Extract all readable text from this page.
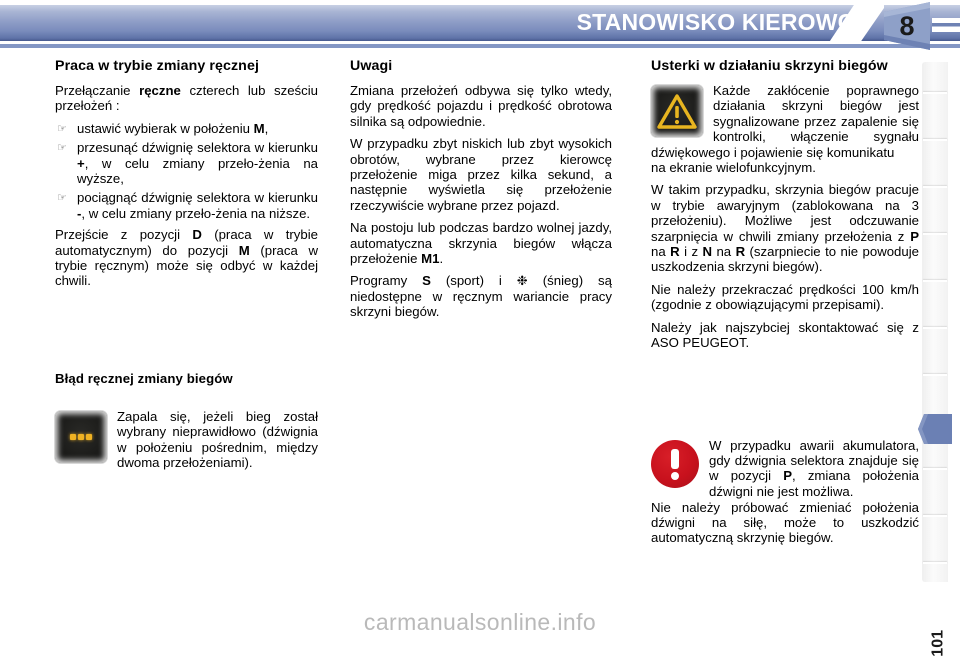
STANOWISKO KIEROWCY	8
Praca w trybie zmiany ręcznej

Przełączanie ręczne czterech lub sześciu przełożeń :

☞ ustawić wybierak w położeniu M,
☞ przesunąć dźwignię selektora w kierunku +, w celu zmiany przeło-żenia na wyższe,
☞ pociągnąć dźwignię selektora w kierunku -, w celu zmiany przeło-żenia na niższe.

Przejście z pozycji D (praca w trybie automatycznym) do pozycji M (praca w trybie ręcznym) może się odbyć w każdej chwili.

Błąd ręcznej zmiany biegów

Zapala się, jeżeli bieg został wybrany nieprawidłowo (dźwignia w położeniu pośrednim, między dwoma przełożeniami).

Uwagi

Zmiana przełożeń odbywa się tylko wtedy, gdy prędkość pojazdu i prędkość obrotowa silnika są odpowiednie.

W przypadku zbyt niskich lub zbyt wysokich obrotów, wybrane przez kierowcę przełożenie miga przez kilka sekund, a następnie wyświetla się przełożenie rzeczywiście wybrane przez pojazd.

Na postoju lub podczas bardzo wolnej jazdy, automatyczna skrzynia biegów włącza przełożenie M1.

Programy S (sport) i ❉ (śnieg) są niedostępne w ręcznym wariancie pracy skrzyni biegów.

Usterki w działaniu skrzyni biegów

Każde zakłócenie poprawnego działania skrzyni biegów jest sygnalizowane przez zapalenie się kontrolki, włączenie sygnału dźwiękowego i pojawienie się komunikatu

na ekranie wielofunkcyjnym.

W takim przypadku, skrzynia biegów pracuje w trybie awaryjnym (zablokowana na 3 przełożeniu). Możliwe jest odczuwanie szarpnięcia w chwili zmiany przełożenia z P na R i z N na R (szarpniecie to nie powoduje uszkodzenia skrzyni biegów).

Nie należy przekraczać prędkości 100 km/h (zgodnie z obowiązującymi przepisami).

Należy jak najszybciej skontaktować się z ASO PEUGEOT.

W przypadku awarii akumulatora, gdy dźwignia selektora znajduje się w pozycji P, zmiana położenia dźwigni nie jest możliwa.

Nie należy próbować zmieniać położenia dźwigni na siłę, może to uszkodzić automatyczną skrzynię biegów.

101
carmanualsonline.info
